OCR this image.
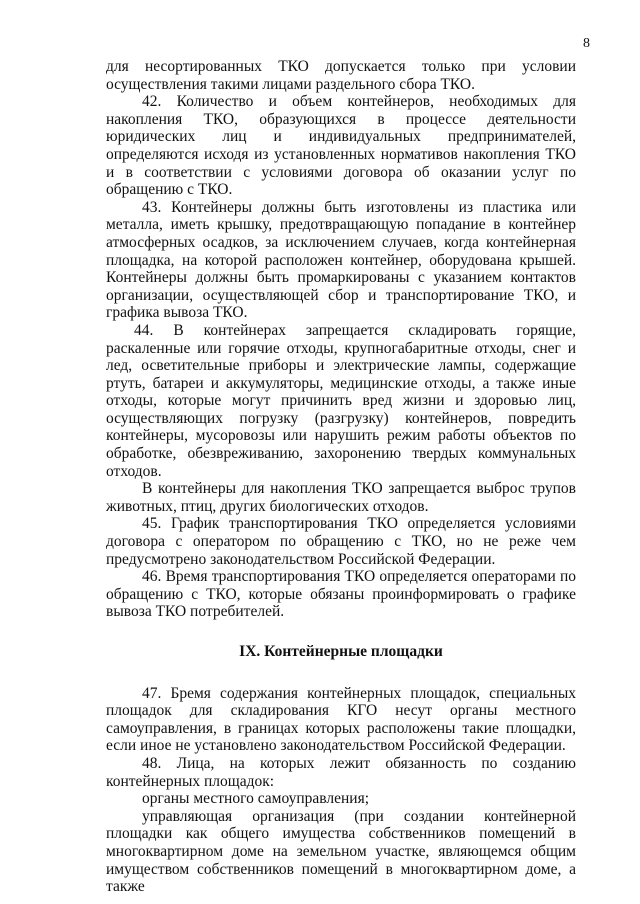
8

для несортированных ТКО допускается только при условии осуществления такими лицами раздельного сбора ТКО.

42. Количество и объем контейнеров, необходимых для накопления ТКО, образующихся в процессе деятельности юридических лиц и индивидуальных предпринимателей, определяются исходя из установленных нормативов накопления ТКО и в соответствии с условиями договора об оказании услуг по обращению с ТКО.

43. Контейнеры должны быть изготовлены из пластика или металла, иметь крышку, предотвращающую попадание в контейнер атмосферных осадков, за исключением случаев, когда контейнерная площадка, на которой расположен контейнер, оборудована крышей. Контейнеры должны быть промаркированы с указанием контактов организации, осуществляющей сбор и транспортирование ТКО, и графика вывоза ТКО.

44. В контейнерах запрещается складировать горящие, раскаленные или горячие отходы, крупногабаритные отходы, снег и лед, осветительные приборы и электрические лампы, содержащие ртуть, батареи и аккумуляторы, медицинские отходы, а также иные отходы, которые могут причинить вред жизни и здоровью лиц, осуществляющих погрузку (разгрузку) контейнеров, повредить контейнеры, мусоровозы или нарушить режим работы объектов по обработке, обезвреживанию, захоронению твердых коммунальных отходов.

В контейнеры для накопления ТКО запрещается выброс трупов животных, птиц, других биологических отходов.

45. График транспортирования ТКО определяется условиями договора с оператором по обращению с ТКО, но не реже чем предусмотрено законодательством Российской Федерации.

46. Время транспортирования ТКО определяется операторами по обращению с ТКО, которые обязаны проинформировать о графике вывоза ТКО потребителей.

IX. Контейнерные площадки

47. Бремя содержания контейнерных площадок, специальных площадок для складирования КГО несут органы местного самоуправления, в границах которых расположены такие площадки, если иное не установлено законодательством Российской Федерации.

48. Лица, на которых лежит обязанность по созданию контейнерных площадок:

органы местного самоуправления;

управляющая организация (при создании контейнерной площадки как общего имущества собственников помещений в многоквартирном доме на земельном участке, являющемся общим имуществом собственников помещений в многоквартирном доме, а также
